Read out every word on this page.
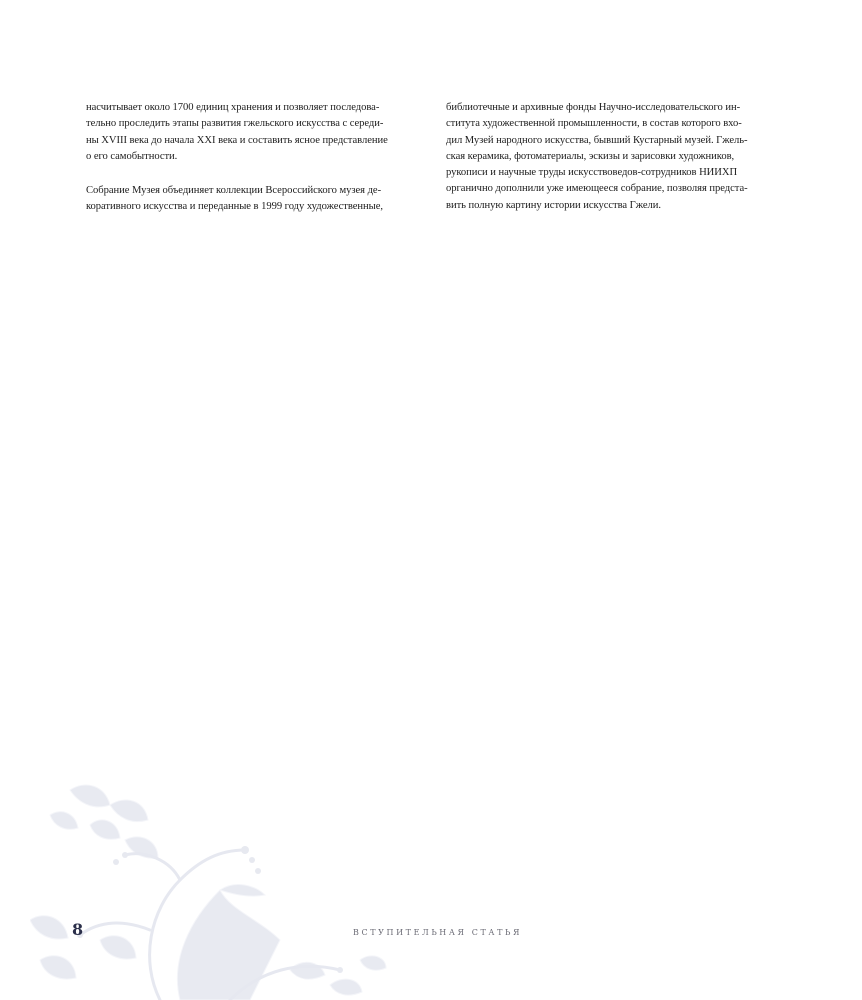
насчитывает около 1700 единиц хранения и позволяет последова-
тельно проследить этапы развития гжельского искусства с середи-
ны XVIII века до начала XXI века и составить ясное представление
о его самобытности.

Собрание Музея объединяет коллекции Всероссийского музея де-
коративного искусства и переданные в 1999 году художественные,

библиотечные и архивные фонды Научно-исследовательского ин-
ститута художественной промышленности, в состав которого вхо-
дил Музей народного искусства, бывший Кустарный музей. Гжель-
ская керамика, фотоматериалы, эскизы и зарисовки художников,
рукописи и научные труды искусствоведов-сотрудников НИИХП
органично дополнили уже имеющееся собрание, позволяя предста-
вить полную картину истории искусства Гжели.

8	ВСТУПИТЕЛЬНАЯ СТАТЬЯ
